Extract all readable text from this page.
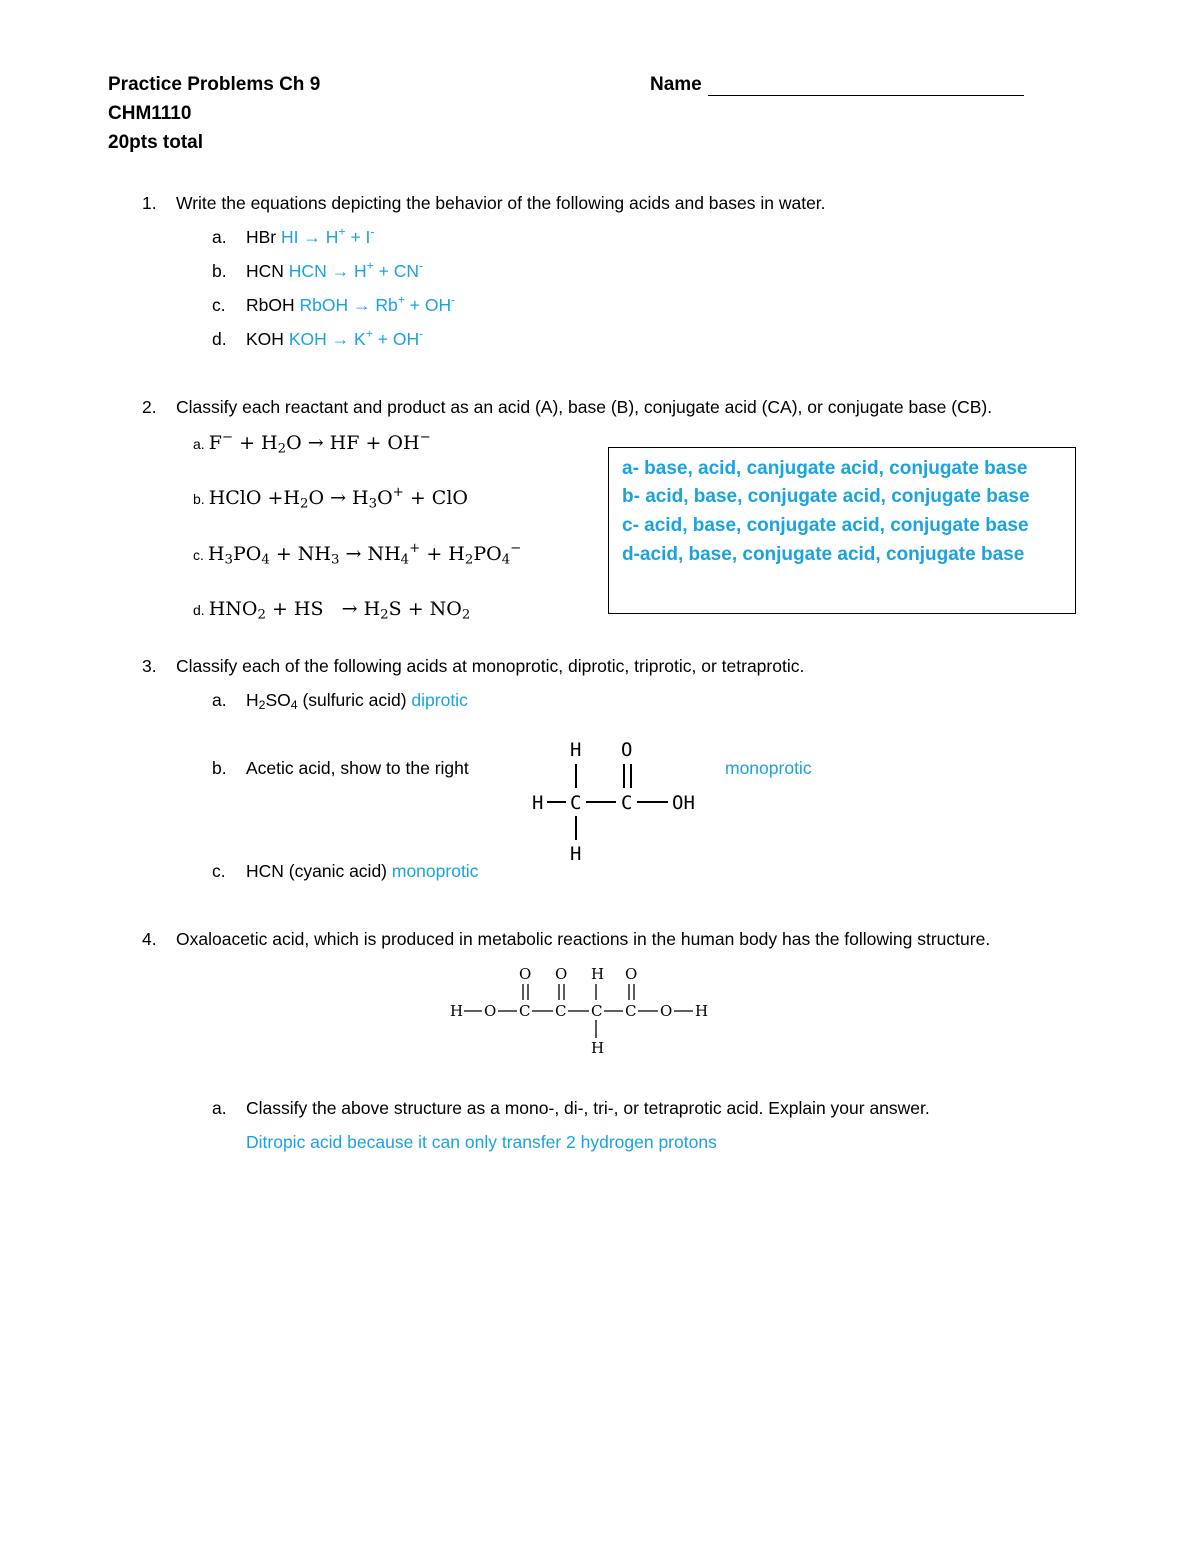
Practice Problems Ch 9
CHM1110
20pts total
Name
1. Write the equations depicting the behavior of the following acids and bases in water.
a. HBr HI → H+ + I-
b. HCN HCN → H+ + CN-
c. RbOH RbOH → Rb+ + OH-
d. KOH KOH → K+ + OH-
2. Classify each reactant and product as an acid (A), base (B), conjugate acid (CA), or conjugate base (CB).
a. $F^- + H_2O$ → HF + OH−
b. HClO $+H_2O \to H_3O^+$ + ClO
c. $H_3PO_4 + NH_3 \to NH_4^+ + H_2PO_4^-$
d. $HNO_2$ + HS   → $H_2S + NO_2$
a- base, acid, canjugate acid, conjugate base
b- acid, base, conjugate acid, conjugate base
c- acid, base, conjugate acid, conjugate base
d-acid, base, conjugate acid, conjugate base
3. Classify each of the following acids at monoprotic, diprotic, triprotic, or tetraprotic.
a. $H_2SO_4$ (sulfuric acid) diprotic
b. Acetic acid, show to the right	monoprotic
H O
H C C OH
H
c. HCN (cyanic acid) monoprotic
4. Oxaloacetic acid, which is produced in metabolic reactions in the human body has the following structure.
O O H O
H O C C C C O H
H
a. Classify the above structure as a mono-, di-, tri-, or tetraprotic acid. Explain your answer.
Ditropic acid because it can only transfer 2 hydrogen protons
